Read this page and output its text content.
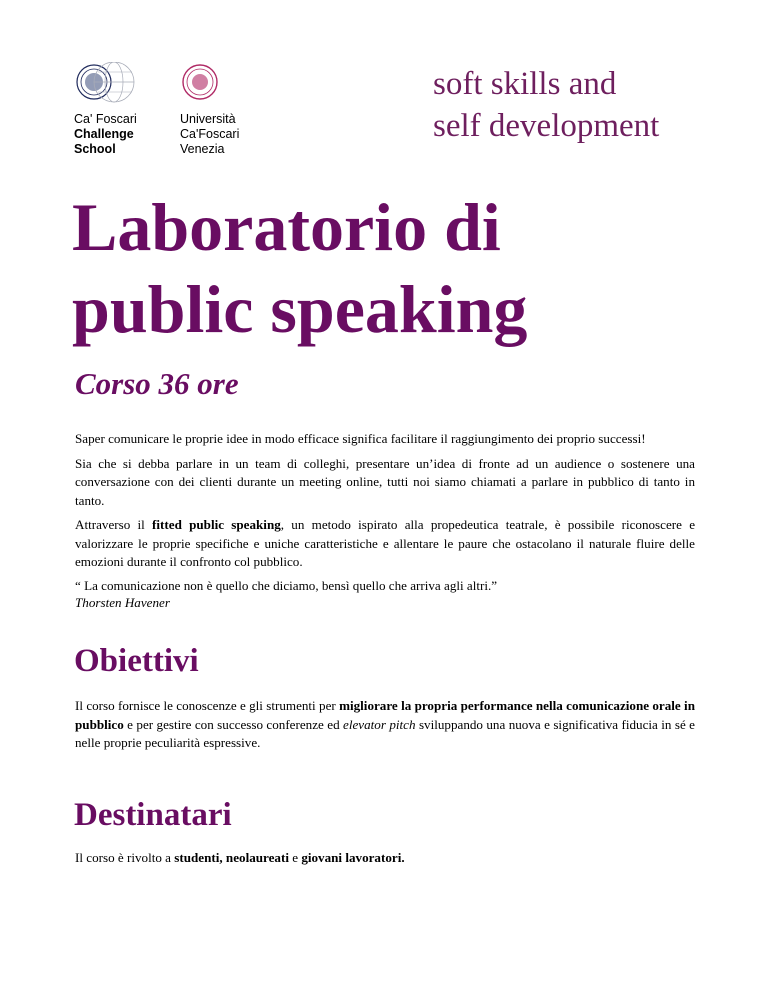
Ca' Foscari
Challenge
School
Università
Ca'Foscari
Venezia
soft skills and
self development
Laboratorio di
public speaking
Corso 36 ore

Saper comunicare le proprie idee in modo efficace significa facilitare il raggiungimento dei proprio successi!

Sia che si debba parlare in un team di colleghi, presentare un’idea di fronte ad un audience o sostenere una conversazione con dei clienti durante un meeting online, tutti noi siamo chiamati a parlare in pubblico di tanto in tanto.

Attraverso il fitted public speaking, un metodo ispirato alla propedeutica teatrale, è possibile riconoscere e valorizzare le proprie specifiche e uniche caratteristiche e allentare le paure che ostacolano il naturale fluire delle emozioni durante il confronto col pubblico.

“ La comunicazione non è quello che diciamo, bensì quello che arriva agli altri.”
Thorsten Havener
Obiettivi

Il corso fornisce le conoscenze e gli strumenti per migliorare la propria performance nella comunicazione orale in pubblico e per gestire con successo conferenze ed elevator pitch sviluppando una nuova e significativa fiducia in sé e nelle proprie peculiarità espressive.

Destinatari

Il corso è rivolto a studenti, neolaureati e giovani lavoratori.
